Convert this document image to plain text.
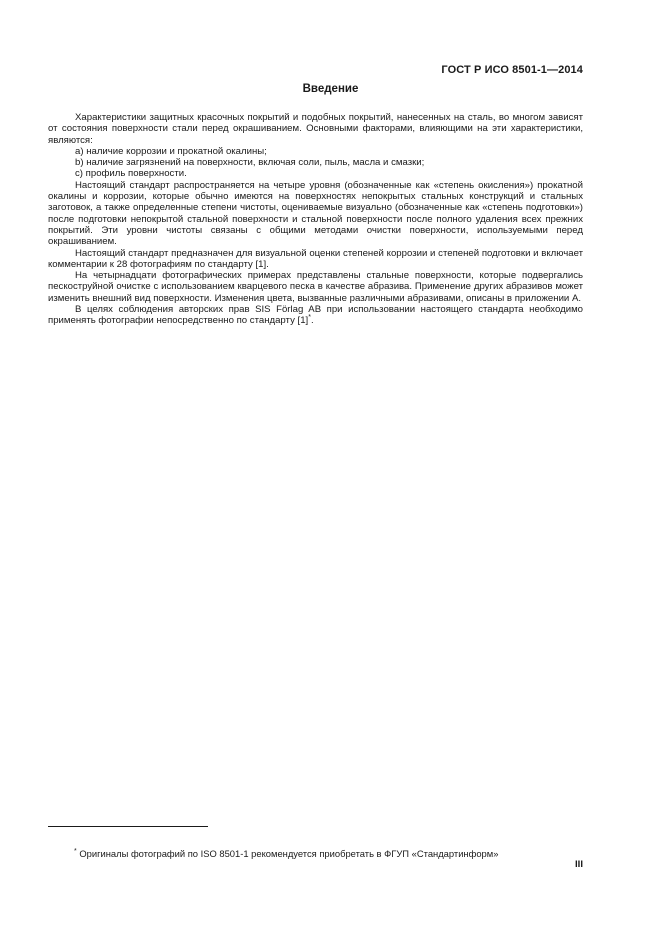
ГОСТ Р ИСО 8501-1—2014
Введение

Характеристики защитных красочных покрытий и подобных покрытий, нанесенных на сталь, во многом зависят от состояния поверхности стали перед окрашиванием. Основными факторами, влияющими на эти характеристики, являются:

a) наличие коррозии и прокатной окалины;

b) наличие загрязнений на поверхности, включая соли, пыль, масла и смазки;

c) профиль поверхности.

Настоящий стандарт распространяется на четыре уровня (обозначенные как «степень окисления») прокатной окалины и коррозии, которые обычно имеются на поверхностях непокрытых стальных конструкций и стальных заготовок, а также определенные степени чистоты, оцениваемые визуально (обозначенные как «степень подготовки») после подготовки непокрытой стальной поверхности и стальной поверхности после полного удаления всех прежних покрытий. Эти уровни чистоты связаны с общими методами очистки поверхности, используемыми перед окрашиванием.

Настоящий стандарт предназначен для визуальной оценки степеней коррозии и степеней подготовки и включает комментарии к 28 фотографиям по стандарту [1].

На четырнадцати фотографических примерах представлены стальные поверхности, которые подвергались пескоструйной очистке с использованием кварцевого песка в качестве абразива. Применение других абразивов может изменить внешний вид поверхности. Изменения цвета, вызванные различными абразивами, описаны в приложении А.

В целях соблюдения авторских прав SIS Förlag AB при использовании настоящего стандарта необходимо применять фотографии непосредственно по стандарту [1]*.

* Оригиналы фотографий по ISO 8501-1 рекомендуется приобретать в ФГУП «Стандартинформ»
III
